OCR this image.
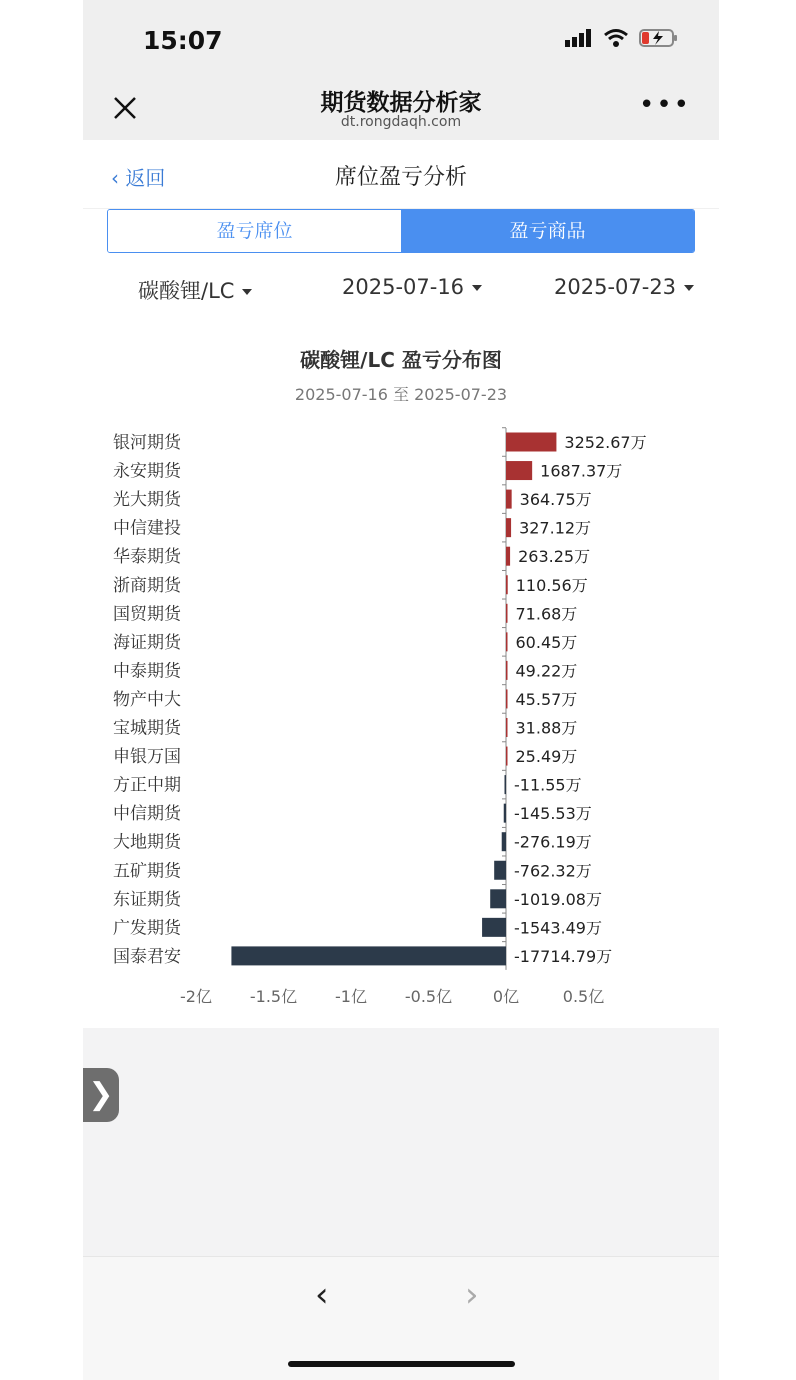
15:07
期货数据分析家
dt.rongdaqh.com
•••
‹ 返回	席位盈亏分析
盈亏席位	盈亏商品
碳酸锂/LC	2025-07-16	2025-07-23
碳酸锂/LC 盈亏分布图
2025-07-16 至 2025-07-23
银河期货	3252.67万
永安期货	1687.37万
光大期货	364.75万
中信建投	327.12万
华泰期货	263.25万
浙商期货	110.56万
国贸期货	71.68万
海证期货	60.45万
中泰期货	49.22万
物产中大	45.57万
宝城期货	31.88万
申银万国	25.49万
方正中期	-11.55万
中信期货	-145.53万
大地期货	-276.19万
五矿期货	-762.32万
东证期货	-1019.08万
广发期货	-1543.49万
国泰君安	-17714.79万
-2亿 -1.5亿 -1亿 -0.5亿	0亿	0.5亿
❯
‹	›
